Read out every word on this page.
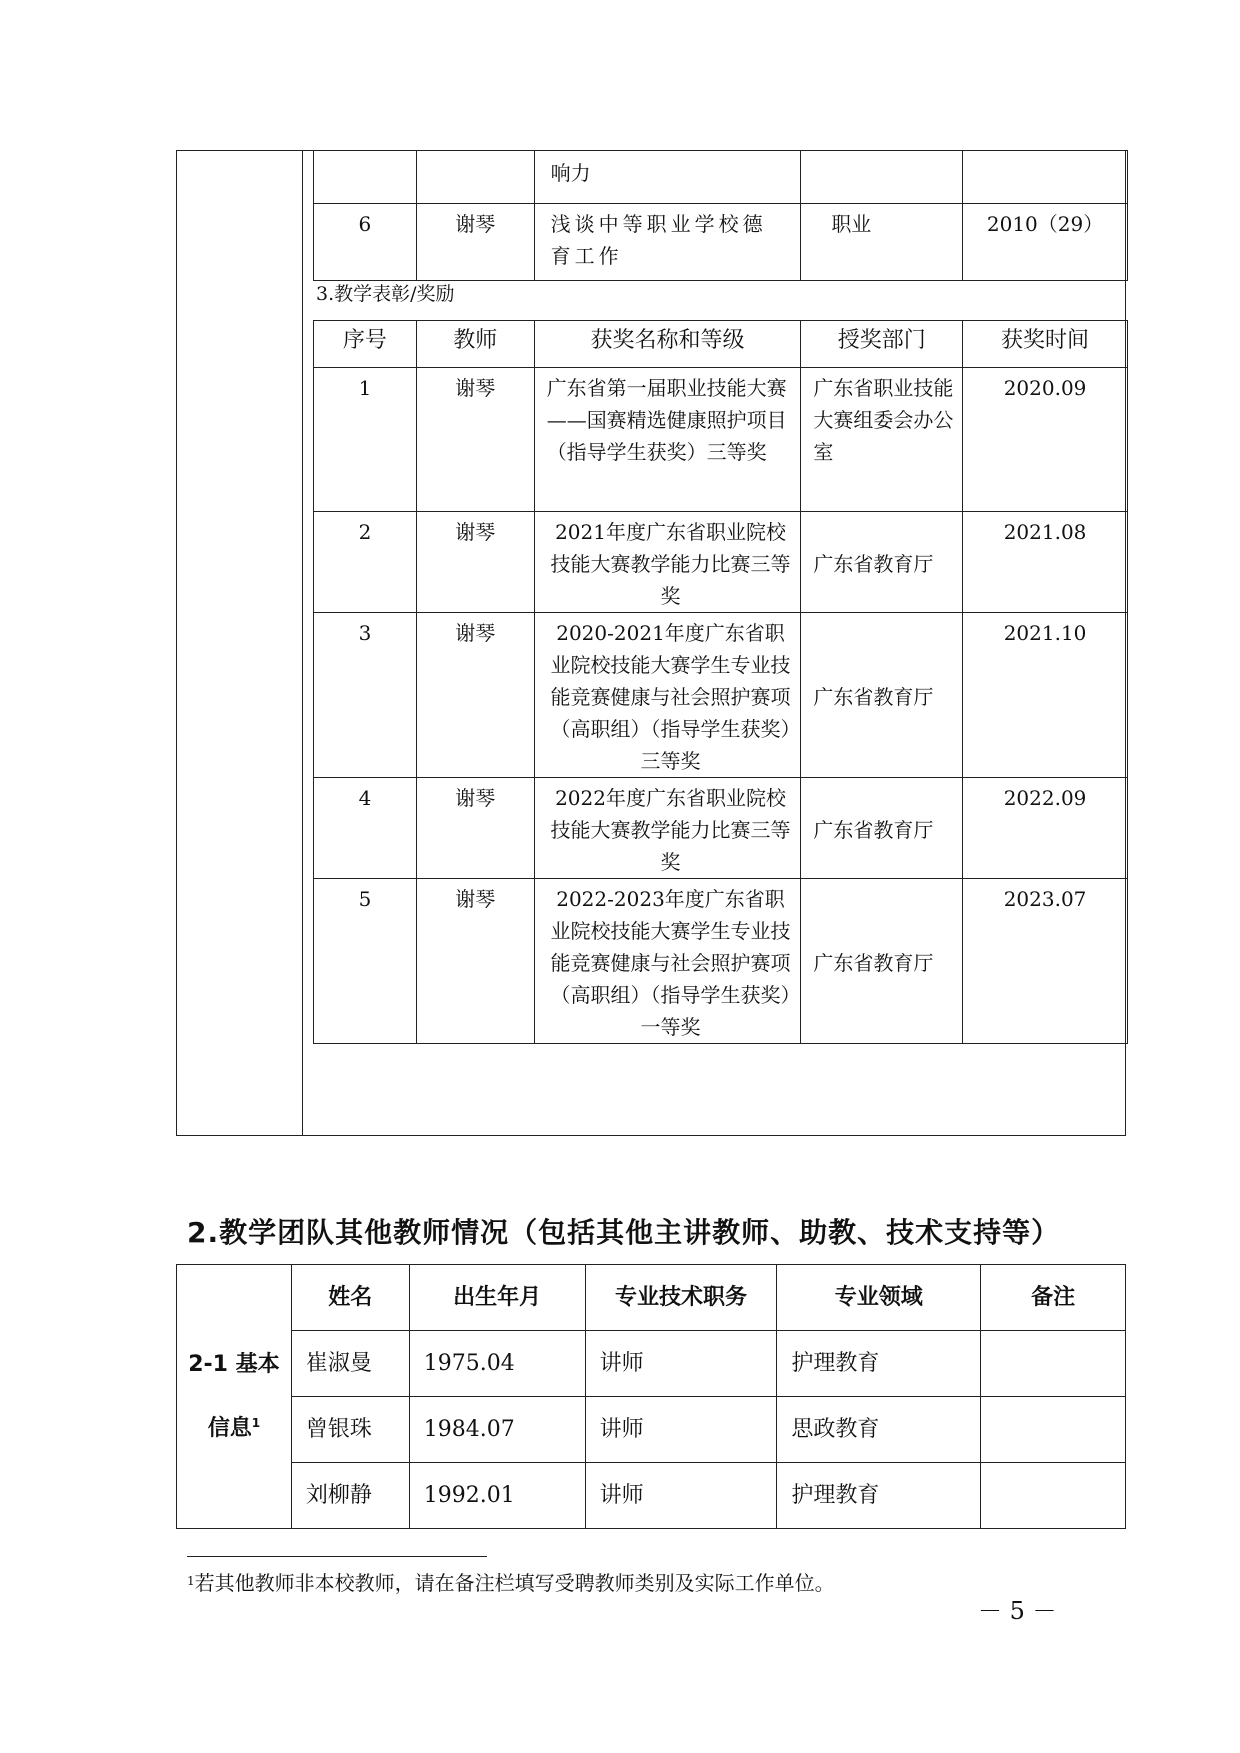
		响力		
6	谢琴	浅谈中等职业学校德育工作	职业	2010（29）
3.教学表彰/奖励
序号	教师	获奖名称和等级	授奖部门	获奖时间
1	谢琴	广东省第一届职业技能大赛——国赛精选健康照护项目（指导学生获奖）三等奖	广东省职业技能大赛组委会办公室	2020.09
2	谢琴	2021年度广东省职业院校技能大赛教学能力比赛三等奖	广东省教育厅	2021.08
3	谢琴	2020-2021年度广东省职业院校技能大赛学生专业技能竞赛健康与社会照护赛项（高职组）（指导学生获奖）三等奖	广东省教育厅	2021.10
4	谢琴	2022年度广东省职业院校技能大赛教学能力比赛三等奖	广东省教育厅	2022.09
5	谢琴	2022-2023年度广东省职业院校技能大赛学生专业技能竞赛健康与社会照护赛项（高职组）（指导学生获奖）一等奖	广东省教育厅	2023.07
2.教学团队其他教师情况（包括其他主讲教师、助教、技术支持等）
2-1 基本
信息$^1$	姓名	出生年月	专业技术职务	专业领域	备注
	崔淑曼	1975.04	讲师	护理教育	
	曾银珠	1984.07	讲师	思政教育	
	刘柳静	1992.01	讲师	护理教育	
$^1$若其他教师非本校教师，请在备注栏填写受聘教师类别及实际工作单位。
－ 5 －
